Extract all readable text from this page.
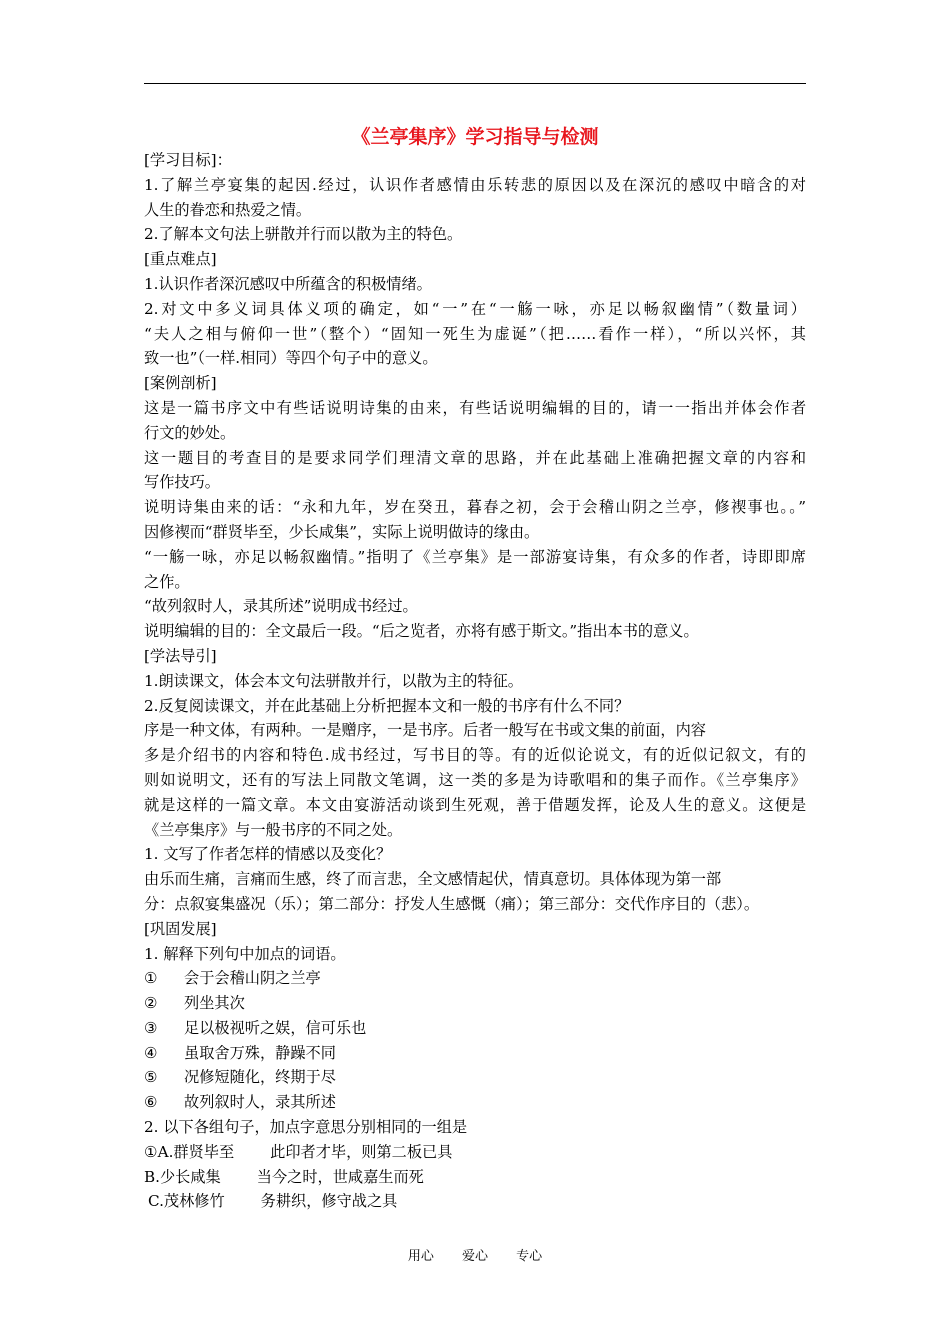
《兰亭集序》学习指导与检测
[学习目标]：
1.了解兰亭宴集的起因.经过，认识作者感情由乐转悲的原因以及在深沉的感叹中暗含的对
人生的眷恋和热爱之情。
2.了解本文句法上骈散并行而以散为主的特色。
[重点难点]
1.认识作者深沉感叹中所蕴含的积极情绪。
2.对文中多义词具体义项的确定，如“一”在“一觞一咏，亦足以畅叙幽情”（数量词）
“夫人之相与俯仰一世”（整个）“固知一死生为虚诞”（把……看作一样），“所以兴怀，其
致一也”（一样.相同）等四个句子中的意义。
[案例剖析]
这是一篇书序文中有些话说明诗集的由来，有些话说明编辑的目的，请一一指出并体会作者
行文的妙处。
这一题目的考查目的是要求同学们理清文章的思路，并在此基础上准确把握文章的内容和
写作技巧。
说明诗集由来的话：“永和九年，岁在癸丑，暮春之初，会于会稽山阴之兰亭，修禊事也。。”
因修禊而“群贤毕至，少长咸集”，实际上说明做诗的缘由。
“一觞一咏，亦足以畅叙幽情。”指明了《兰亭集》是一部游宴诗集，有众多的作者，诗即即席
之作。
“故列叙时人，录其所述”说明成书经过。
说明编辑的目的：全文最后一段。“后之览者，亦将有感于斯文。”指出本书的意义。
[学法导引]
1.朗读课文，体会本文句法骈散并行，以散为主的特征。
2.反复阅读课文，并在此基础上分析把握本文和一般的书序有什么不同？
序是一种文体，有两种。一是赠序，一是书序。后者一般写在书或文集的前面，内容
多是介绍书的内容和特色.成书经过，写书目的等。有的近似论说文，有的近似记叙文，有的
则如说明文，还有的写法上同散文笔调，这一类的多是为诗歌唱和的集子而作。《兰亭集序》
就是这样的一篇文章。本文由宴游活动谈到生死观，善于借题发挥，论及人生的意义。这便是
《兰亭集序》与一般书序的不同之处。
1. 文写了作者怎样的情感以及变化？
由乐而生痛，言痛而生感，终了而言悲，全文感情起伏，情真意切。具体体现为第一部
分：点叙宴集盛况（乐）；第二部分：抒发人生感慨（痛）；第三部分：交代作序目的（悲）。
[巩固发展]
1. 解释下列句中加点的词语。
① 会于会稽山阴之兰亭
② 列坐其次
③ 足以极视听之娱，信可乐也
④ 虽取舍万殊，静躁不同
⑤ 况修短随化，终期于尽
⑥ 故列叙时人，录其所述
2. 以下各组句子，加点字意思分别相同的一组是
①A.群贤毕至 此印者才毕，则第二板已具
B.少长咸集 当今之时，世咸嘉生而死
C.茂林修竹 务耕织，修守战之具
用心 爱心 专心
